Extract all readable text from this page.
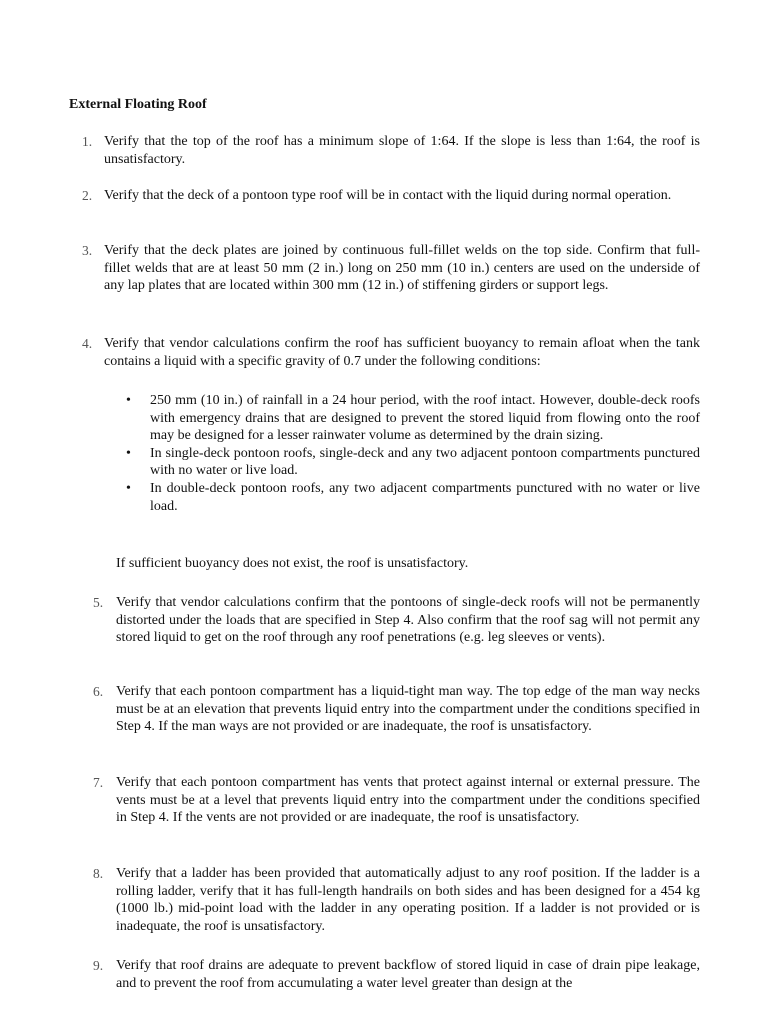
External Floating Roof
1. Verify that the top of the roof has a minimum slope of 1:64. If the slope is less than 1:64, the roof is unsatisfactory.
2. Verify that the deck of a pontoon type roof will be in contact with the liquid during normal operation.
3. Verify that the deck plates are joined by continuous full-fillet welds on the top side. Confirm that full-fillet welds that are at least 50 mm (2 in.) long on 250 mm (10 in.) centers are used on the underside of any lap plates that are located within 300 mm (12 in.) of stiffening girders or support legs.
4. Verify that vendor calculations confirm the roof has sufficient buoyancy to remain afloat when the tank contains a liquid with a specific gravity of 0.7 under the following conditions:
• 250 mm (10 in.) of rainfall in a 24 hour period, with the roof intact. However, double-deck roofs with emergency drains that are designed to prevent the stored liquid from flowing onto the roof may be designed for a lesser rainwater volume as determined by the drain sizing.
• In single-deck pontoon roofs, single-deck and any two adjacent pontoon compartments punctured with no water or live load.
• In double-deck pontoon roofs, any two adjacent compartments punctured with no water or live load.

If sufficient buoyancy does not exist, the roof is unsatisfactory.

5. Verify that vendor calculations confirm that the pontoons of single-deck roofs will not be permanently distorted under the loads that are specified in Step 4. Also confirm that the roof sag will not permit any stored liquid to get on the roof through any roof penetrations (e.g. leg sleeves or vents).
6. Verify that each pontoon compartment has a liquid-tight man way. The top edge of the man way necks must be at an elevation that prevents liquid entry into the compartment under the conditions specified in Step 4. If the man ways are not provided or are inadequate, the roof is unsatisfactory.
7. Verify that each pontoon compartment has vents that protect against internal or external pressure. The vents must be at a level that prevents liquid entry into the compartment under the conditions specified in Step 4. If the vents are not provided or are inadequate, the roof is unsatisfactory.
8. Verify that a ladder has been provided that automatically adjust to any roof position. If the ladder is a rolling ladder, verify that it has full-length handrails on both sides and has been designed for a 454 kg (1000 lb.) mid-point load with the ladder in any operating position. If a ladder is not provided or is inadequate, the roof is unsatisfactory.
9. Verify that roof drains are adequate to prevent backflow of stored liquid in case of drain pipe leakage, and to prevent the roof from accumulating a water level greater than design at the
